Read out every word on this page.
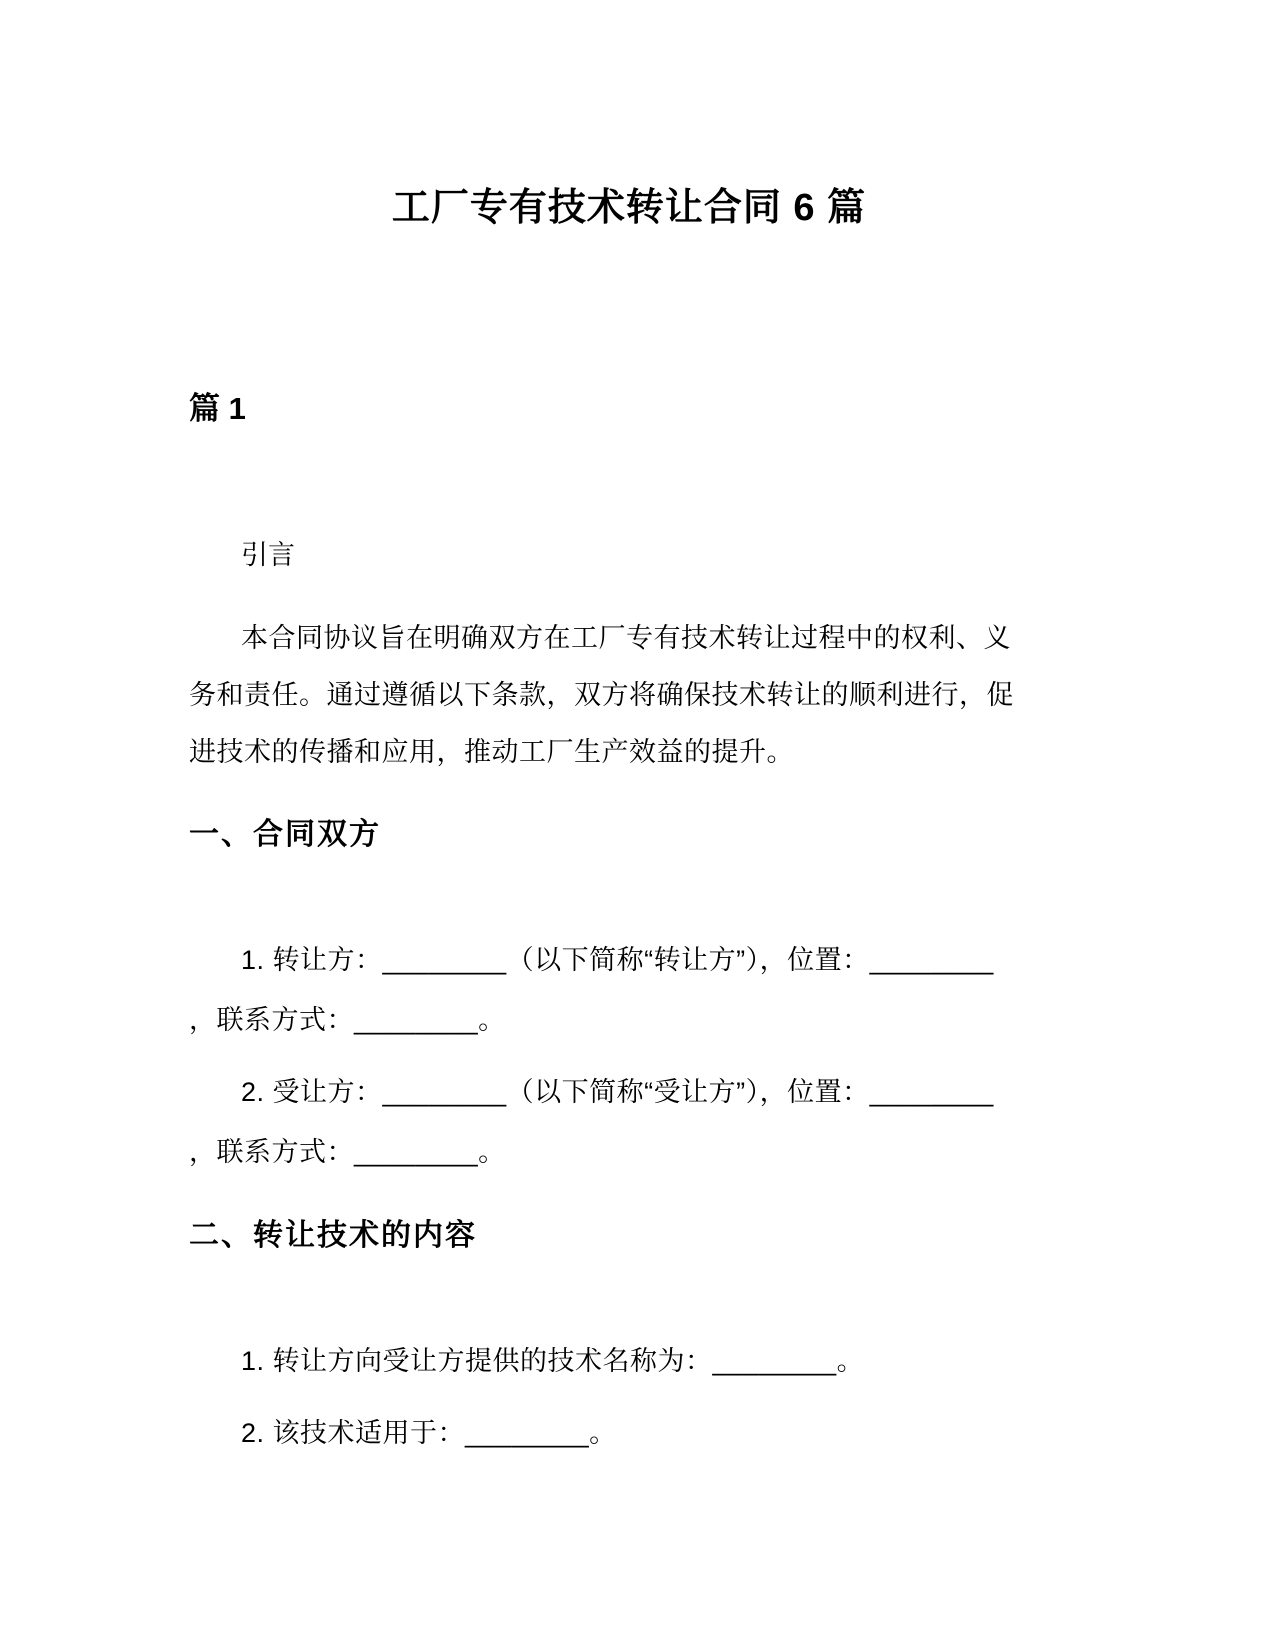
工厂专有技术转让合同 6 篇
篇 1

引言

本合同协议旨在明确双方在工厂专有技术转让过程中的权利、义
务和责任。通过遵循以下条款，双方将确保技术转让的顺利进行，促
进技术的传播和应用，推动工厂生产效益的提升。
一、合同双方
1. 转让方：________（以下简称“转让方”），位置：________
，联系方式：________。
2. 受让方：________（以下简称“受让方”），位置：________
，联系方式：________。
二、转让技术的内容
1. 转让方向受让方提供的技术名称为：________。
2. 该技术适用于：________。
